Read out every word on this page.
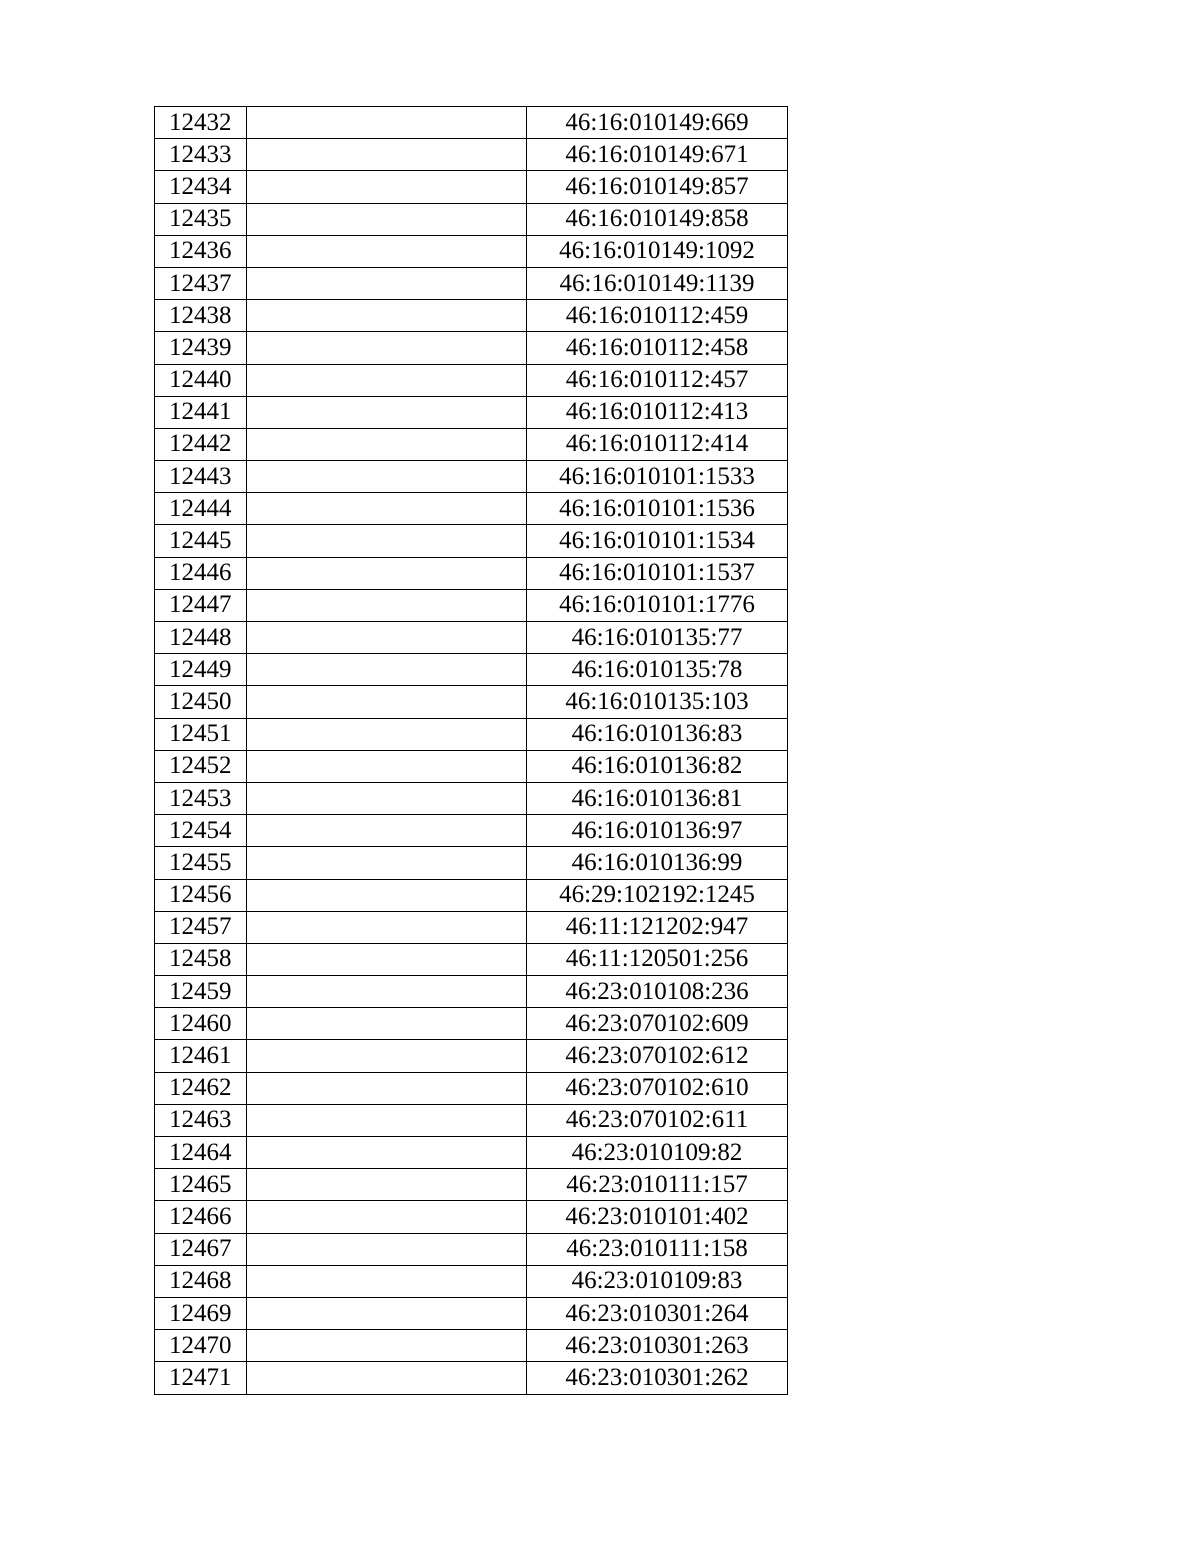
12432		46:16:010149:669
12433		46:16:010149:671
12434		46:16:010149:857
12435		46:16:010149:858
12436		46:16:010149:1092
12437		46:16:010149:1139
12438		46:16:010112:459
12439		46:16:010112:458
12440		46:16:010112:457
12441		46:16:010112:413
12442		46:16:010112:414
12443		46:16:010101:1533
12444		46:16:010101:1536
12445		46:16:010101:1534
12446		46:16:010101:1537
12447		46:16:010101:1776
12448		46:16:010135:77
12449		46:16:010135:78
12450		46:16:010135:103
12451		46:16:010136:83
12452		46:16:010136:82
12453		46:16:010136:81
12454		46:16:010136:97
12455		46:16:010136:99
12456		46:29:102192:1245
12457		46:11:121202:947
12458		46:11:120501:256
12459		46:23:010108:236
12460		46:23:070102:609
12461		46:23:070102:612
12462		46:23:070102:610
12463		46:23:070102:611
12464		46:23:010109:82
12465		46:23:010111:157
12466		46:23:010101:402
12467		46:23:010111:158
12468		46:23:010109:83
12469		46:23:010301:264
12470		46:23:010301:263
12471		46:23:010301:262
